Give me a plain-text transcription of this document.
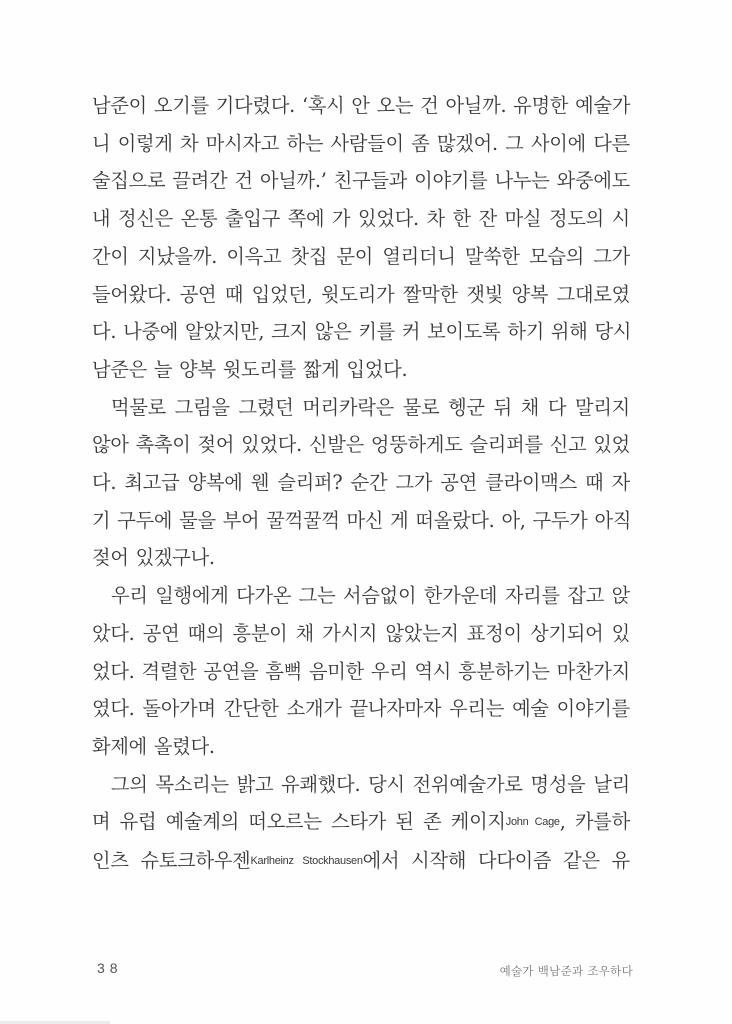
남준이 오기를 기다렸다. ‘혹시 안 오는 건 아닐까. 유명한 예술가
니 이렇게 차 마시자고 하는 사람들이 좀 많겠어. 그 사이에 다른
술집으로 끌려간 건 아닐까.’ 친구들과 이야기를 나누는 와중에도
내 정신은 온통 출입구 쪽에 가 있었다. 차 한 잔 마실 정도의 시
간이 지났을까. 이윽고 찻집 문이 열리더니 말쑥한 모습의 그가
들어왔다. 공연 때 입었던, 윗도리가 짤막한 잿빛 양복 그대로였
다. 나중에 알았지만, 크지 않은 키를 커 보이도록 하기 위해 당시
남준은 늘 양복 윗도리를 짧게 입었다.

먹물로 그림을 그렸던 머리카락은 물로 헹군 뒤 채 다 말리지
않아 촉촉이 젖어 있었다. 신발은 엉뚱하게도 슬리퍼를 신고 있었
다. 최고급 양복에 웬 슬리퍼? 순간 그가 공연 클라이맥스 때 자
기 구두에 물을 부어 꿀꺽꿀꺽 마신 게 떠올랐다. 아, 구두가 아직
젖어 있겠구나.

우리 일행에게 다가온 그는 서슴없이 한가운데 자리를 잡고 앉
았다. 공연 때의 흥분이 채 가시지 않았는지 표정이 상기되어 있
었다. 격렬한 공연을 흠뻑 음미한 우리 역시 흥분하기는 마찬가지
였다. 돌아가며 간단한 소개가 끝나자마자 우리는 예술 이야기를
화제에 올렸다.

그의 목소리는 밝고 유쾌했다. 당시 전위예술가로 명성을 날리
며 유럽 예술계의 떠오르는 스타가 된 존 케이지John Cage, 카를하
인츠 슈토크하우젠Karlheinz Stockhausen에서 시작해 다다이즘 같은 유

38	예술가 백남준과 조우하다
